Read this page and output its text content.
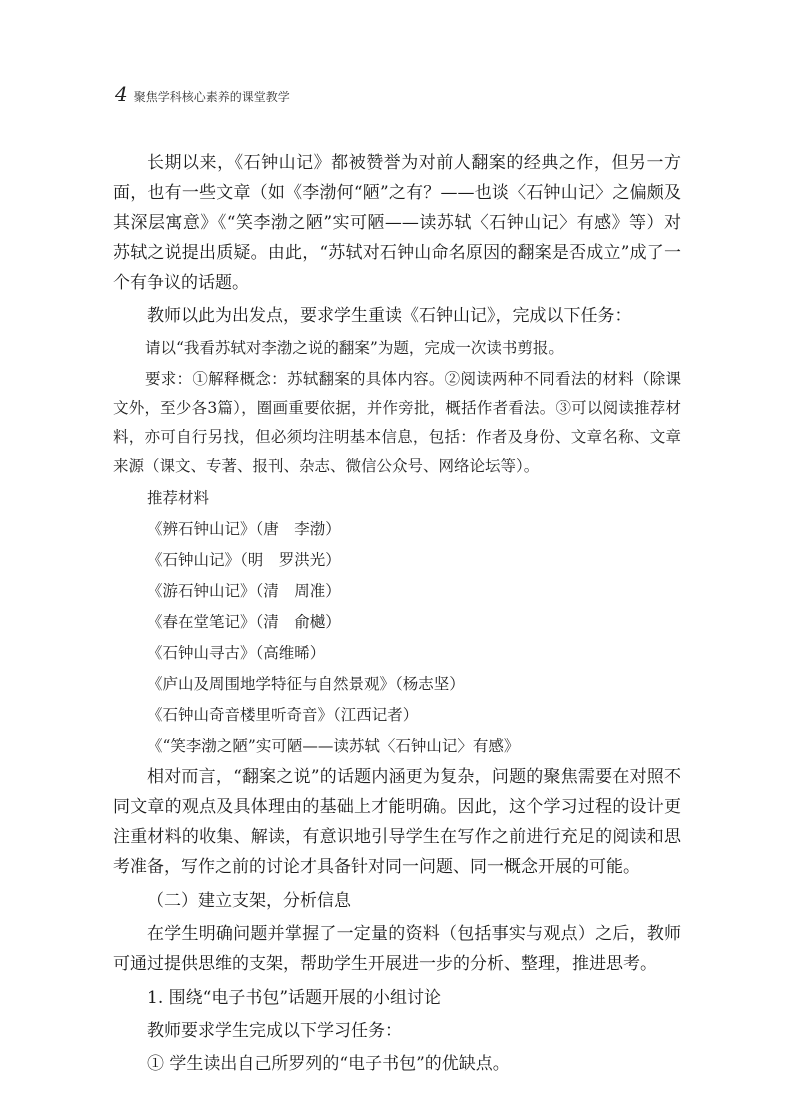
4 聚焦学科核心素养的课堂教学

长期以来，《石钟山记》都被赞誉为对前人翻案的经典之作，但另一方面，也有一些文章（如《李渤何“陋”之有？——也谈〈石钟山记〉之偏颇及其深层寓意》《“笑李渤之陋”实可陋——读苏轼〈石钟山记〉有感》等）对苏轼之说提出质疑。由此，“苏轼对石钟山命名原因的翻案是否成立”成了一个有争议的话题。

教师以此为出发点，要求学生重读《石钟山记》，完成以下任务：

请以“我看苏轼对李渤之说的翻案”为题，完成一次读书剪报。

要求：①解释概念：苏轼翻案的具体内容。②阅读两种不同看法的材料（除课文外，至少各3篇），圈画重要依据，并作旁批，概括作者看法。③可以阅读推荐材料，亦可自行另找，但必须均注明基本信息，包括：作者及身份、文章名称、文章来源（课文、专著、报刊、杂志、微信公众号、网络论坛等）。

推荐材料

《辨石钟山记》（唐　李渤）
《石钟山记》（明　罗洪光）
《游石钟山记》（清　周准）
《春在堂笔记》（清　俞樾）
《石钟山寻古》（高维晞）
《庐山及周围地学特征与自然景观》（杨志坚）
《石钟山奇音楼里听奇音》（江西记者）
《“笑李渤之陋”实可陋——读苏轼〈石钟山记〉有感》

相对而言，“翻案之说”的话题内涵更为复杂，问题的聚焦需要在对照不同文章的观点及具体理由的基础上才能明确。因此，这个学习过程的设计更注重材料的收集、解读，有意识地引导学生在写作之前进行充足的阅读和思考准备，写作之前的讨论才具备针对同一问题、同一概念开展的可能。

（二）建立支架，分析信息

在学生明确问题并掌握了一定量的资料（包括事实与观点）之后，教师可通过提供思维的支架，帮助学生开展进一步的分析、整理，推进思考。

1. 围绕“电子书包”话题开展的小组讨论

教师要求学生完成以下学习任务：

① 学生读出自己所罗列的“电子书包”的优缺点。
